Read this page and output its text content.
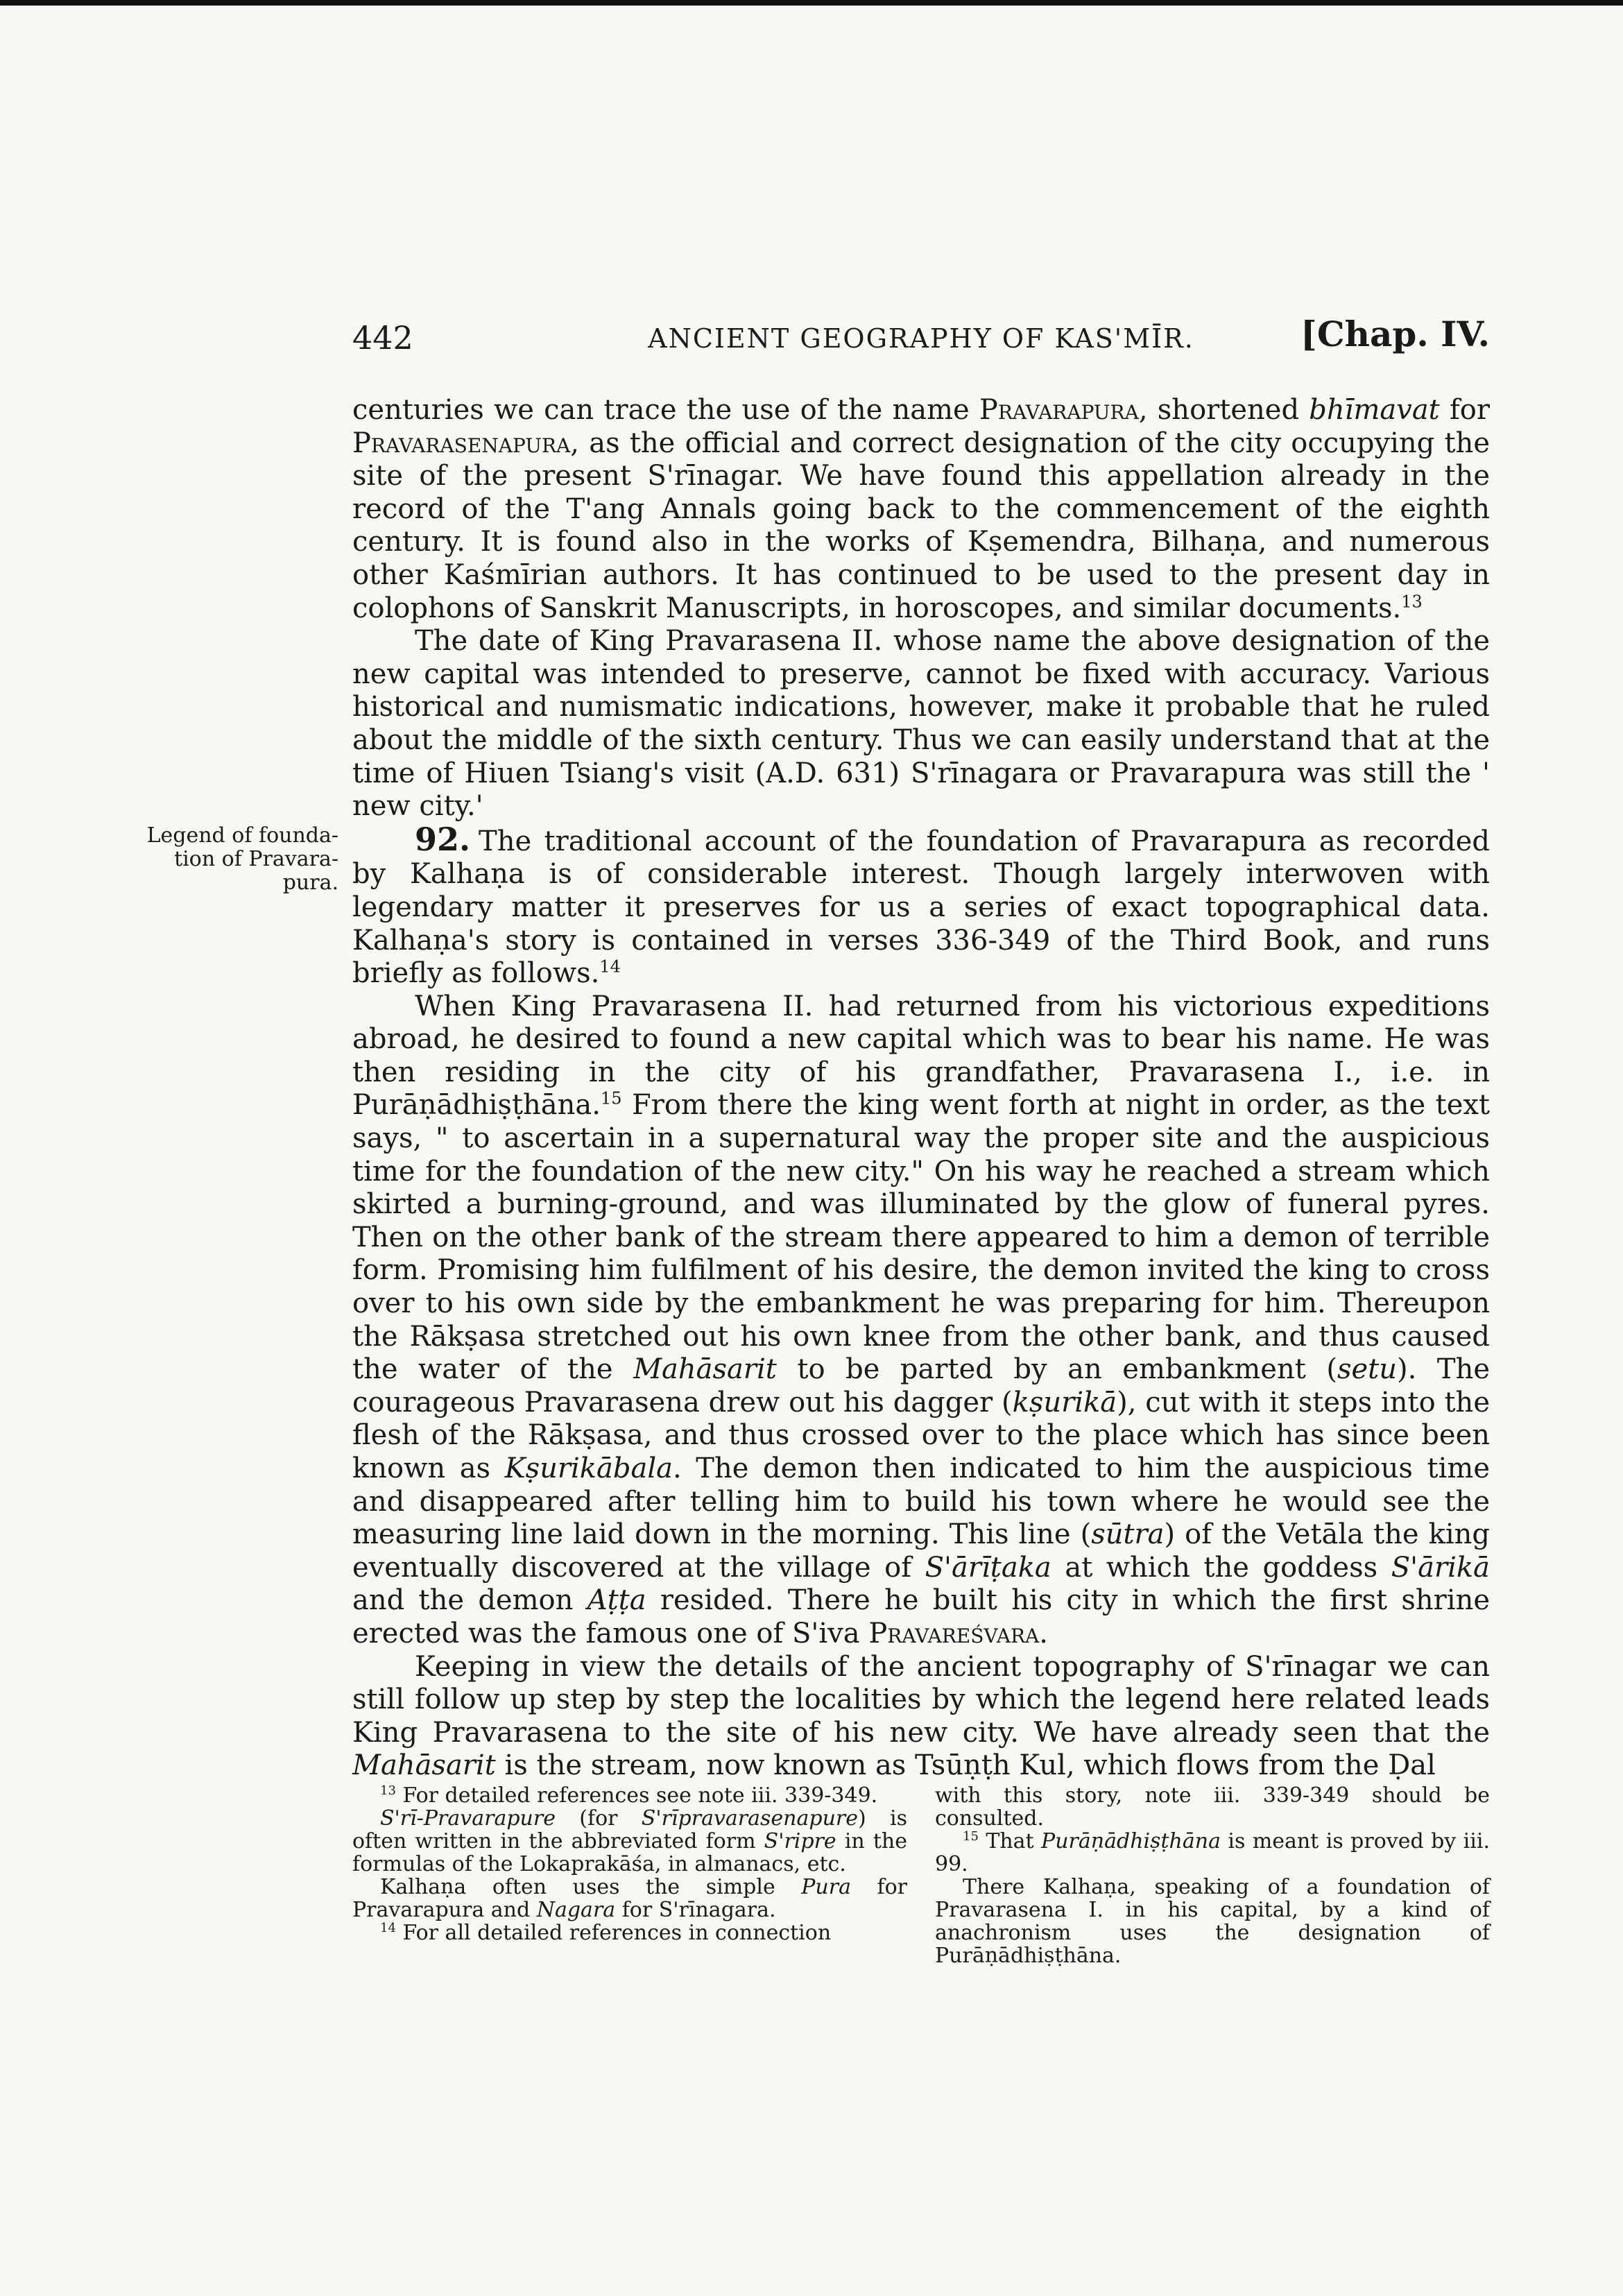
442	ANCIENT GEOGRAPHY OF KAS'MĪR.	[Chap. IV.
Legend of founda-
tion of Pravara-
pura.

centuries we can trace the use of the name Pravarapura, shortened bhīmavat for Pravarasenapura, as the official and correct designation of the city occupying the site of the present S'rīnagar. We have found this appellation already in the record of the T'ang Annals going back to the commencement of the eighth century. It is found also in the works of Kṣemendra, Bilhaṇa, and numerous other Kaśmīrian authors. It has continued to be used to the present day in colophons of Sanskrit Manuscripts, in horoscopes, and similar documents.$^{13}$

The date of King Pravarasena II. whose name the above designation of the new capital was intended to preserve, cannot be fixed with accuracy. Various historical and numismatic indications, however, make it probable that he ruled about the middle of the sixth century. Thus we can easily understand that at the time of Hiuen Tsiang's visit (A.D. 631) S'rīnagara or Pravarapura was still the ' new city.'

92. The traditional account of the foundation of Pravarapura as recorded by Kalhaṇa is of considerable interest. Though largely interwoven with legendary matter it preserves for us a series of exact topographical data. Kalhaṇa's story is contained in verses 336-349 of the Third Book, and runs briefly as follows.$^{14}$

When King Pravarasena II. had returned from his victorious expeditions abroad, he desired to found a new capital which was to bear his name. He was then residing in the city of his grandfather, Pravarasena I., i.e. in Purāṇādhiṣṭhāna.$^{15}$ From there the king went forth at night in order, as the text says, " to ascertain in a supernatural way the proper site and the auspicious time for the foundation of the new city." On his way he reached a stream which skirted a burning-ground, and was illuminated by the glow of funeral pyres. Then on the other bank of the stream there appeared to him a demon of terrible form. Promising him fulfilment of his desire, the demon invited the king to cross over to his own side by the embankment he was preparing for him. Thereupon the Rākṣasa stretched out his own knee from the other bank, and thus caused the water of the Mahāsarit to be parted by an embankment (setu). The courageous Pravarasena drew out his dagger (kṣurikā), cut with it steps into the flesh of the Rākṣasa, and thus crossed over to the place which has since been known as Kṣurikābala. The demon then indicated to him the auspicious time and disappeared after telling him to build his town where he would see the measuring line laid down in the morning. This line (sūtra) of the Vetāla the king eventually discovered at the village of S'ārīṭaka at which the goddess S'ārikā and the demon Aṭṭa resided. There he built his city in which the first shrine erected was the famous one of S'iva Pravareśvara.

Keeping in view the details of the ancient topography of S'rīnagar we can still follow up step by step the localities by which the legend here related leads King Pravarasena to the site of his new city. We have already seen that the Mahāsarit is the stream, now known as Tsūṇṭh Kul, which flows from the Ḍal

$^{13}$ For detailed references see note iii. 339-349.

S'rī-Pravarapure (for S'rīpravarasenapure) is often written in the abbreviated form S'ripre in the formulas of the Lokaprakāśa, in almanacs, etc.

Kalhaṇa often uses the simple Pura for Pravarapura and Nagara for S'rīnagara.

$^{14}$ For all detailed references in connection

with this story, note iii. 339-349 should be consulted.

$^{15}$ That Purāṇādhiṣṭhāna is meant is proved by iii. 99.

There Kalhaṇa, speaking of a foundation of Pravarasena I. in his capital, by a kind of anachronism uses the designation of Purāṇādhiṣṭhāna.
